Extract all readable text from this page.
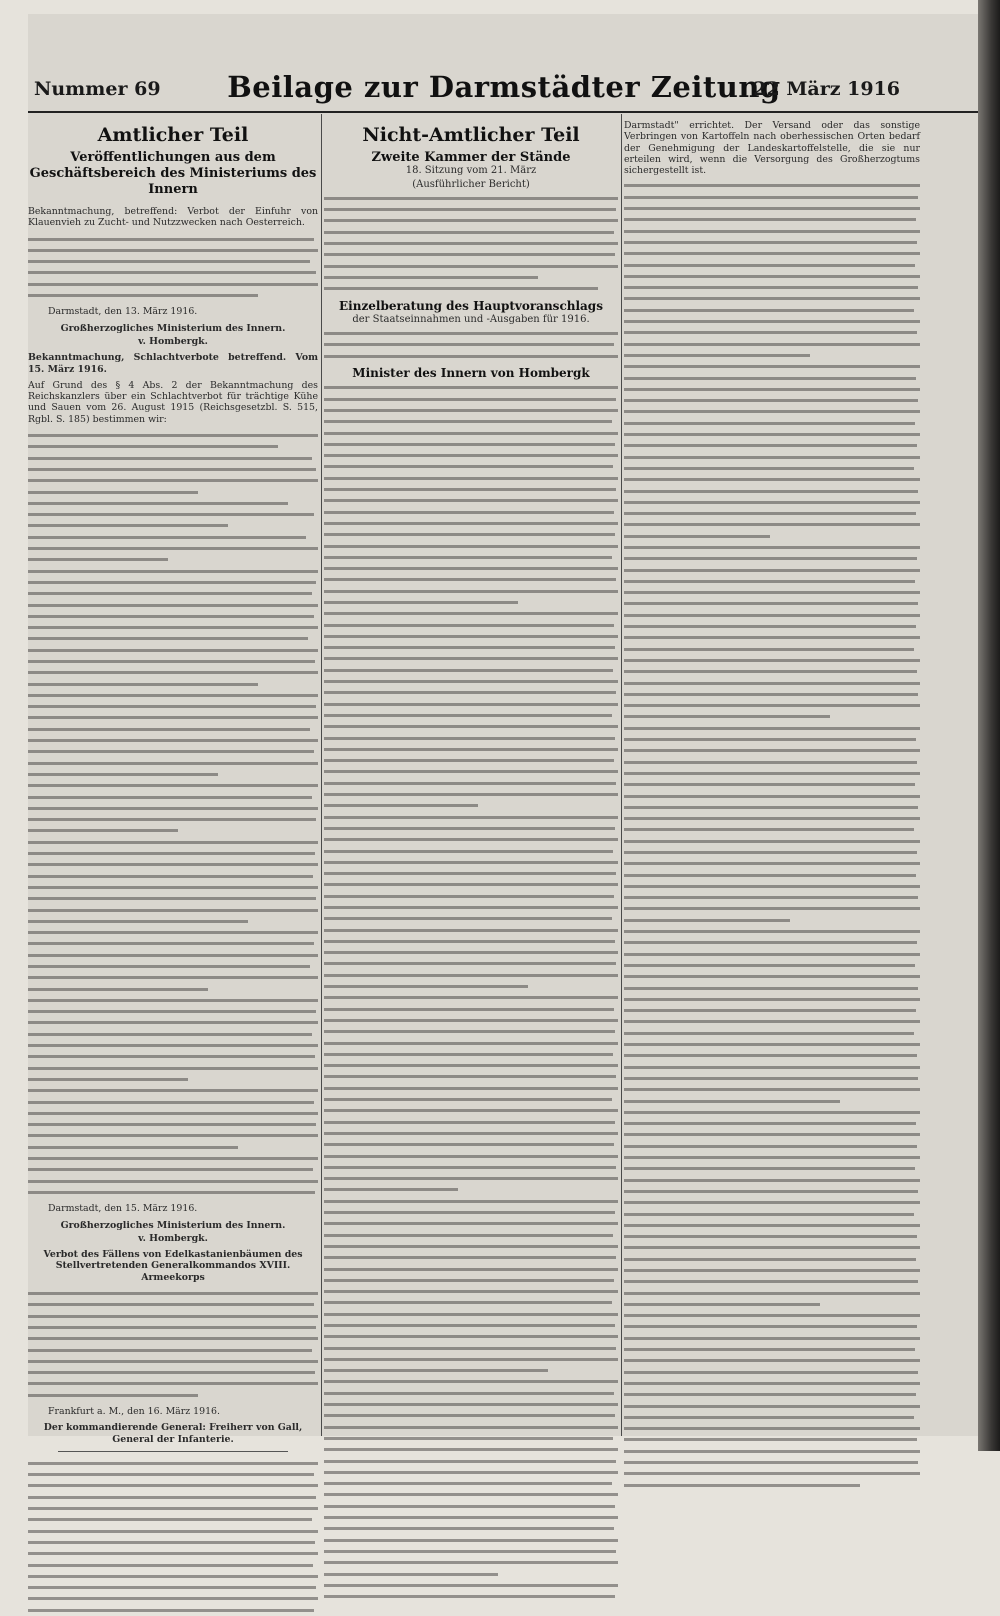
Nummer 69	Beilage zur Darmstädter Zeitung
22 März 1916
Amtlicher Teil
Veröffentlichungen aus dem Geschäftsbereich des Ministeriums des Innern
Bekanntmachung, betreffend: Verbot der Einfuhr von Klauenvieh zu Zucht- und Nutzzwecken nach Oesterreich.
Darmstadt, den 13. März 1916.
Großherzogliches Ministerium des Innern.
v. Hombergk.
Bekanntmachung, Schlachtverbote betreffend. Vom 15. März 1916.
Auf Grund des § 4 Abs. 2 der Bekanntmachung des Reichskanzlers über ein Schlachtverbot für trächtige Kühe und Sauen vom 26. August 1915 (Reichsgesetzbl. S. 515, Rgbl. S. 185) bestimmen wir:
Darmstadt, den 15. März 1916.
Großherzogliches Ministerium des Innern.
v. Hombergk.
Verbot des Fällens von Edelkastanienbäumen des Stellvertretenden Generalkommandos XVIII. Armeekorps
Frankfurt a. M., den 16. März 1916.
Der kommandierende General: Freiherr von Gall, General der Infanterie.
Nicht-Amtlicher Teil
Zweite Kammer der Stände
18. Sitzung vom 21. März
(Ausführlicher Bericht)
Einzelberatung des Hauptvoranschlags
der Staatseinnahmen und -Ausgaben für 1916.
Minister des Innern von Hombergk
Darmstadt" errichtet. Der Versand oder das sonstige Verbringen von Kartoffeln nach oberhessischen Orten bedarf der Genehmigung der Landeskartoffelstelle, die sie nur erteilen wird, wenn die Versorgung des Großherzogtums sichergestellt ist.
